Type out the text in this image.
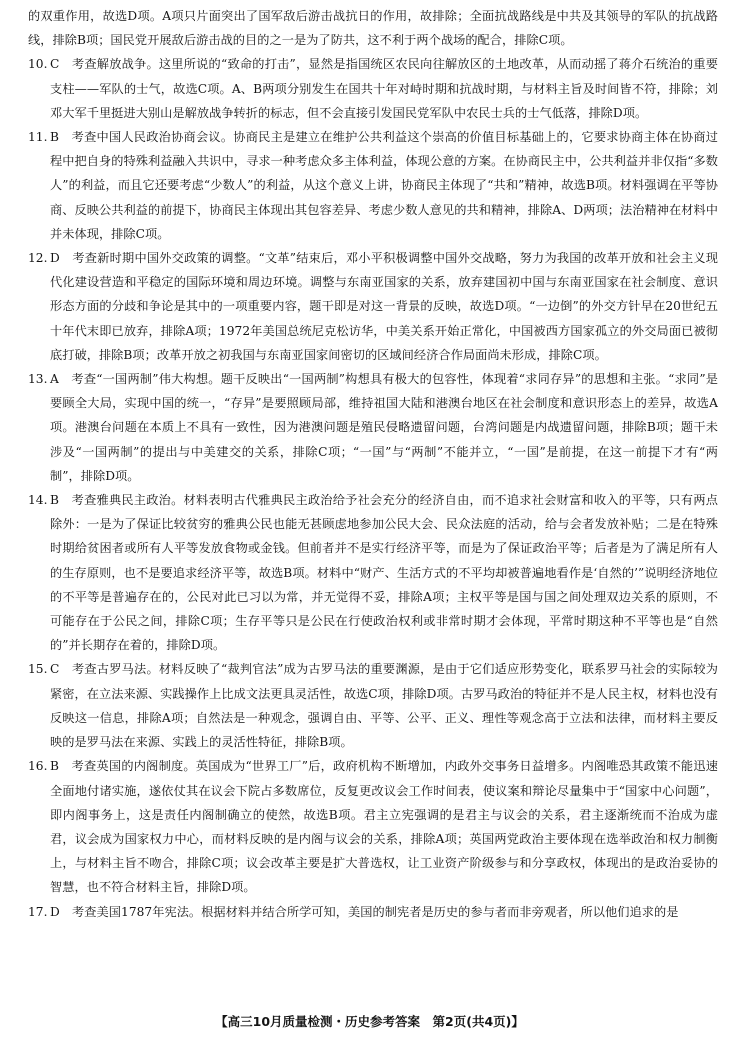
的双重作用，故选D项。A项只片面突出了国军敌后游击战抗日的作用，故排除；全面抗战路线是中共及其领导的军队的抗战路线，排除B项；国民党开展敌后游击战的目的之一是为了防共，这不利于两个战场的配合，排除C项。

10. C　考查解放战争。这里所说的“致命的打击”，显然是指国统区农民向往解放区的土地改革，从而动摇了蒋介石统治的重要支柱——军队的士气，故选C项。A、B两项分别发生在国共十年对峙时期和抗战时期，与材料主旨及时间皆不符，排除；刘邓大军千里挺进大别山是解放战争转折的标志，但不会直接引发国民党军队中农民士兵的士气低落，排除D项。
11. B　考查中国人民政治协商会议。协商民主是建立在维护公共利益这个崇高的价值目标基础上的，它要求协商主体在协商过程中把自身的特殊利益融入共识中，寻求一种考虑众多主体利益，体现公意的方案。在协商民主中，公共利益并非仅指“多数人”的利益，而且它还要考虑“少数人”的利益，从这个意义上讲，协商民主体现了“共和”精神，故选B项。材料强调在平等协商、反映公共利益的前提下，协商民主体现出其包容差异、考虑少数人意见的共和精神，排除A、D两项；法治精神在材料中并未体现，排除C项。
12. D　考查新时期中国外交政策的调整。“文革”结束后，邓小平积极调整中国外交战略，努力为我国的改革开放和社会主义现代化建设营造和平稳定的国际环境和周边环境。调整与东南亚国家的关系，放弃建国初中国与东南亚国家在社会制度、意识形态方面的分歧和争论是其中的一项重要内容，题干即是对这一背景的反映，故选D项。“一边倒”的外交方针早在20世纪五十年代末即已放弃，排除A项；1972年美国总统尼克松访华，中美关系开始正常化，中国被西方国家孤立的外交局面已被彻底打破，排除B项；改革开放之初我国与东南亚国家间密切的区域间经济合作局面尚未形成，排除C项。
13. A　考查“一国两制”伟大构想。题干反映出“一国两制”构想具有极大的包容性，体现着“求同存异”的思想和主张。“求同”是要顾全大局，实现中国的统一，“存异”是要照顾局部，维持祖国大陆和港澳台地区在社会制度和意识形态上的差异，故选A项。港澳台问题在本质上不具有一致性，因为港澳问题是殖民侵略遗留问题，台湾问题是内战遗留问题，排除B项；题干未涉及“一国两制”的提出与中美建交的关系，排除C项；“一国”与“两制”不能并立，“一国”是前提，在这一前提下才有“两制”，排除D项。
14. B　考查雅典民主政治。材料表明古代雅典民主政治给予社会充分的经济自由，而不追求社会财富和收入的平等，只有两点除外：一是为了保证比较贫穷的雅典公民也能无甚顾虑地参加公民大会、民众法庭的活动，给与会者发放补贴；二是在特殊时期给贫困者或所有人平等发放食物或金钱。但前者并不是实行经济平等，而是为了保证政治平等；后者是为了满足所有人的生存原则，也不是要追求经济平等，故选B项。材料中“财产、生活方式的不平均却被普遍地看作是‘自然的’”说明经济地位的不平等是普遍存在的，公民对此已习以为常，并无觉得不妥，排除A项；主权平等是国与国之间处理双边关系的原则，不可能存在于公民之间，排除C项；生存平等只是公民在行使政治权利或非常时期才会体现，平常时期这种不平等也是“自然的”并长期存在着的，排除D项。
15. C　考查古罗马法。材料反映了“裁判官法”成为古罗马法的重要渊源，是由于它们适应形势变化，联系罗马社会的实际较为紧密，在立法来源、实践操作上比成文法更具灵活性，故选C项，排除D项。古罗马政治的特征并不是人民主权，材料也没有反映这一信息，排除A项；自然法是一种观念，强调自由、平等、公平、正义、理性等观念高于立法和法律，而材料主要反映的是罗马法在来源、实践上的灵活性特征，排除B项。
16. B　考查英国的内阁制度。英国成为“世界工厂”后，政府机构不断增加，内政外交事务日益增多。内阁唯恐其政策不能迅速全面地付诸实施，遂依仗其在议会下院占多数席位，反复更改议会工作时间表，使议案和辩论尽量集中于“国家中心问题”，即内阁事务上，这是责任内阁制确立的使然，故选B项。君主立宪强调的是君主与议会的关系，君主逐渐统而不治成为虚君，议会成为国家权力中心，而材料反映的是内阁与议会的关系，排除A项；英国两党政治主要体现在选举政治和权力制衡上，与材料主旨不吻合，排除C项；议会改革主要是扩大普选权，让工业资产阶级参与和分享政权，体现出的是政治妥协的智慧，也不符合材料主旨，排除D项。
17. D　考查美国1787年宪法。根据材料并结合所学可知，美国的制宪者是历史的参与者而非旁观者，所以他们追求的是
【高三10月质量检测・历史参考答案　第2页(共4页)】
